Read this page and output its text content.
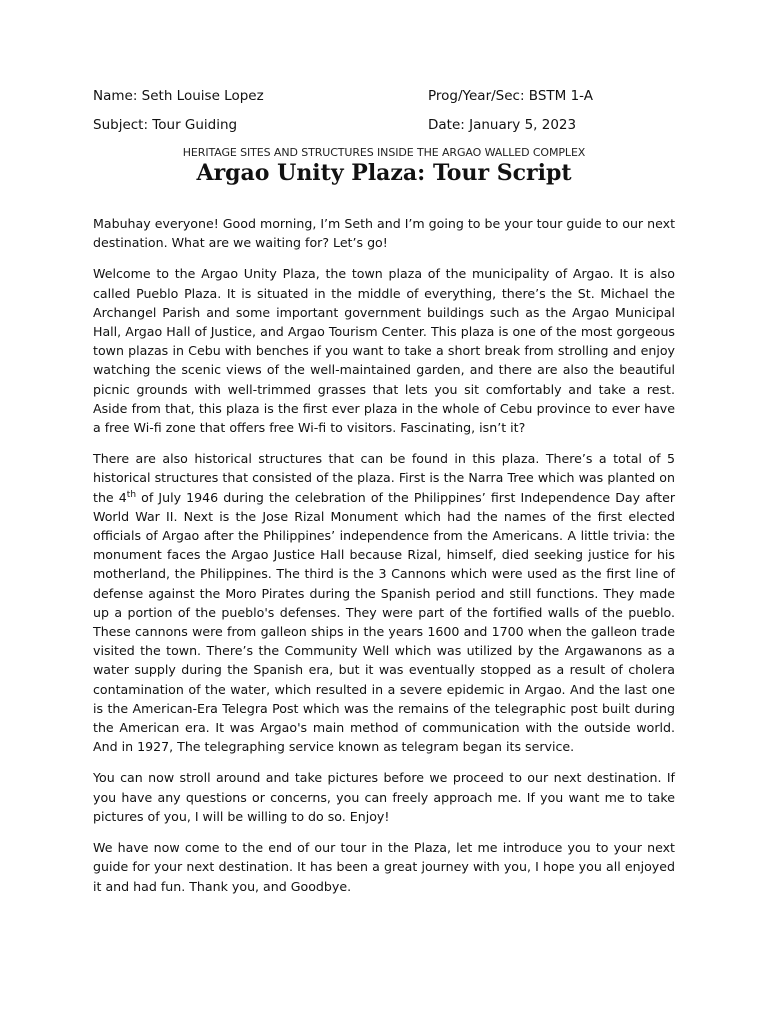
Name: Seth Louise Lopez	Prog/Year/Sec: BSTM 1-A
Subject: Tour Guiding	Date: January 5, 2023
HERITAGE SITES AND STRUCTURES INSIDE THE ARGAO WALLED COMPLEX
Argao Unity Plaza: Tour Script

Mabuhay everyone! Good morning, I’m Seth and I’m going to be your tour guide to our next destination. What are we waiting for? Let’s go!

Welcome to the Argao Unity Plaza, the town plaza of the municipality of Argao. It is also called Pueblo Plaza. It is situated in the middle of everything, there’s the St. Michael the Archangel Parish and some important government buildings such as the Argao Municipal Hall, Argao Hall of Justice, and Argao Tourism Center. This plaza is one of the most gorgeous town plazas in Cebu with benches if you want to take a short break from strolling and enjoy watching the scenic views of the well-maintained garden, and there are also the beautiful picnic grounds with well-trimmed grasses that lets you sit comfortably and take a rest. Aside from that, this plaza is the first ever plaza in the whole of Cebu province to ever have a free Wi-fi zone that offers free Wi-fi to visitors. Fascinating, isn’t it?

There are also historical structures that can be found in this plaza. There’s a total of 5 historical structures that consisted of the plaza. First is the Narra Tree which was planted on the 4th of July 1946 during the celebration of the Philippines’ first Independence Day after World War II. Next is the Jose Rizal Monument which had the names of the first elected officials of Argao after the Philippines’ independence from the Americans. A little trivia: the monument faces the Argao Justice Hall because Rizal, himself, died seeking justice for his motherland, the Philippines. The third is the 3 Cannons which were used as the first line of defense against the Moro Pirates during the Spanish period and still functions. They made up a portion of the pueblo's defenses. They were part of the fortified walls of the pueblo. These cannons were from galleon ships in the years 1600 and 1700 when the galleon trade visited the town. There’s the Community Well which was utilized by the Argawanons as a water supply during the Spanish era, but it was eventually stopped as a result of cholera contamination of the water, which resulted in a severe epidemic in Argao. And the last one is the American-Era Telegra Post which was the remains of the telegraphic post built during the American era. It was Argao's main method of communication with the outside world. And in 1927, The telegraphing service known as telegram began its service.

You can now stroll around and take pictures before we proceed to our next destination. If you have any questions or concerns, you can freely approach me. If you want me to take pictures of you, I will be willing to do so. Enjoy!

We have now come to the end of our tour in the Plaza, let me introduce you to your next guide for your next destination. It has been a great journey with you, I hope you all enjoyed it and had fun. Thank you, and Goodbye.
